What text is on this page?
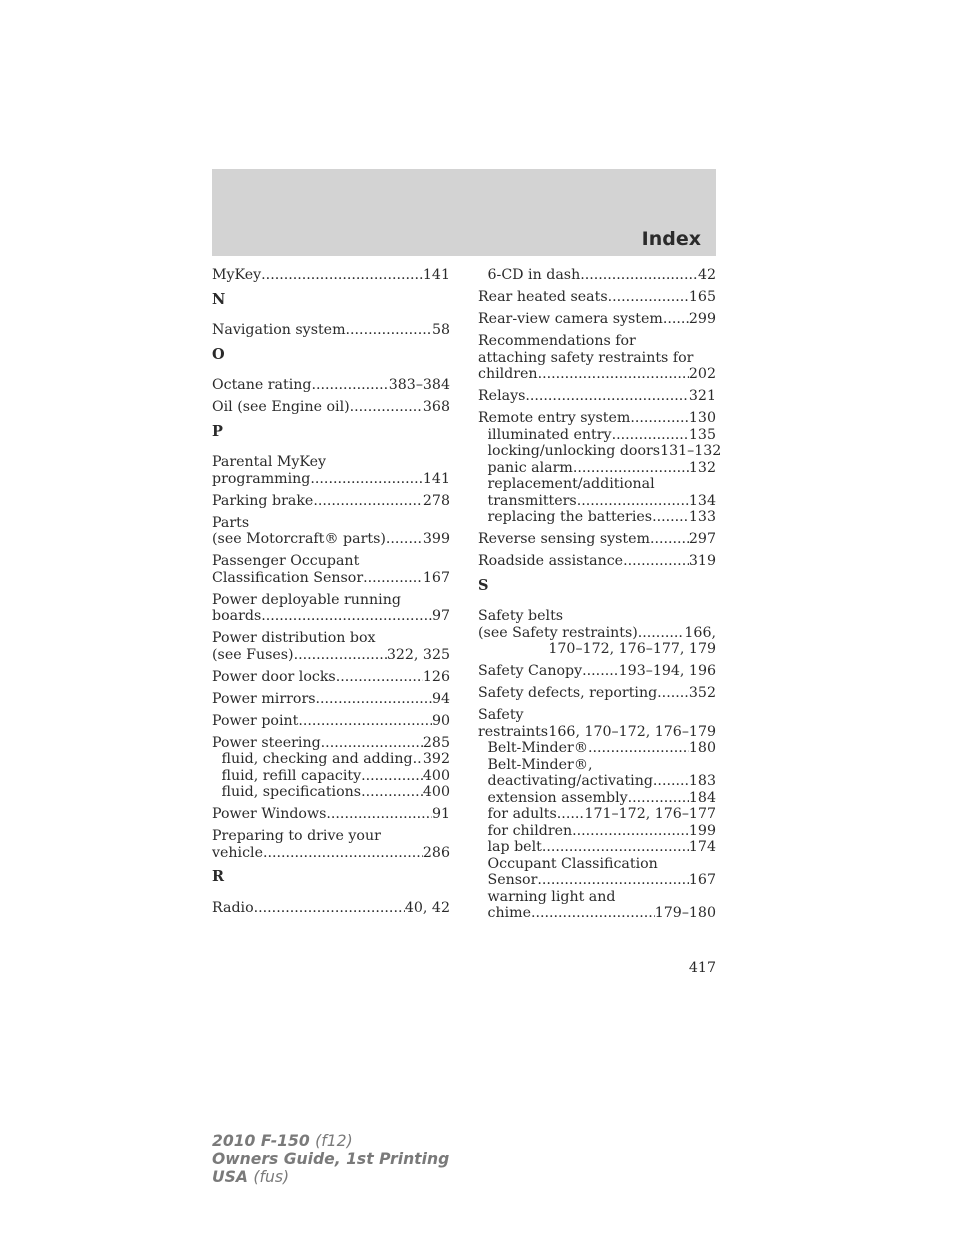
Index
MyKey .....	141
N
Navigation system .....	58
O
Octane rating .....	383–384
Oil (see Engine oil) .....	368
P
Parental MyKey
programming .....	141
Parking brake .....	278
Parts
(see Motorcraft® parts) .....	399
Passenger Occupant
Classification Sensor .....	167
Power deployable running
boards .....	97
Power distribution box
(see Fuses) .....	322, 325
Power door locks .....	126
Power mirrors .....	94
Power point .....	90
Power steering .....	285
fluid, checking and adding ..... 392
fluid, refill capacity .....	400
fluid, specifications .....	400
Power Windows .....	91
Preparing to drive your
vehicle .....	286
R
Radio .....	40, 42
6-CD in dash .....	42
Rear heated seats .....	165
Rear-view camera system ..... 299
Recommendations for
attaching safety restraints for
children .....	202
Relays .....	321
Remote entry system .....	130
illuminated entry .....	135
locking/unlocking doors 131–132
panic alarm .....	132
replacement/additional
transmitters .....	134
replacing the batteries .....	133
Reverse sensing system .....	297
Roadside assistance .....	319
S
Safety belts
(see Safety restraints) .....	166,
170–172, 176–177, 179
Safety Canopy .....	193–194, 196
Safety defects, reporting ..... 352
Safety
restraints ..... 166, 170–172, 176–179
Belt-Minder® .....	180
Belt-Minder®,
deactivating/activating .....	183
extension assembly .....	184
for adults ..... 171–172, 176–177
for children .....	199
lap belt .....	174
Occupant Classification
Sensor .....	167
warning light and
chime .....	179–180
417
2010 F-150 (f12)
Owners Guide, 1st Printing
USA (fus)
